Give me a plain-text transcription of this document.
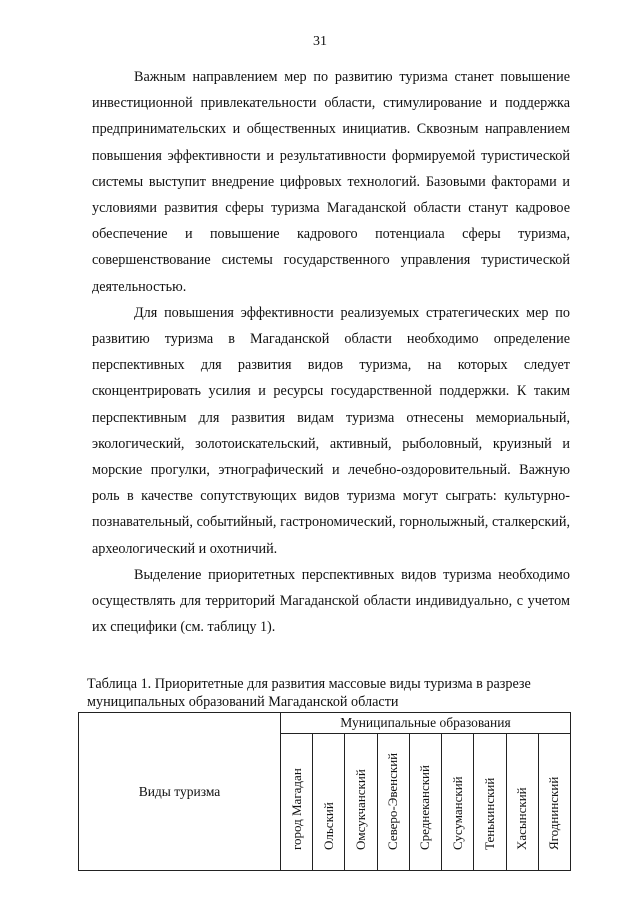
31

Важным направлением мер по развитию туризма станет повышение инвестиционной привлекательности области, стимулирование и поддержка предпринимательских и общественных инициатив. Сквозным направлением повышения эффективности и результативности формируемой туристической системы выступит внедрение цифровых технологий. Базовыми факторами и условиями развития сферы туризма Магаданской области станут кадровое обеспечение и повышение кадрового потенциала сферы туризма, совершенствование системы государственного управления туристической деятельностью.

Для повышения эффективности реализуемых стратегических мер по развитию туризма в Магаданской области необходимо определение перспективных для развития видов туризма, на которых следует сконцентрировать усилия и ресурсы государственной поддержки. К таким перспективным для развития видам туризма отнесены мемориальный, экологический, золотоискательский, активный, рыболовный, круизный и морские прогулки, этнографический и лечебно-оздоровительный. Важную роль в качестве сопутствующих видов туризма могут сыграть: культурно-познавательный, событийный, гастрономический, горнолыжный, сталкерский, археологический и охотничий.

Выделение приоритетных перспективных видов туризма необходимо осуществлять для территорий Магаданской области индивидуально, с учетом их специфики (см. таблицу 1).

Таблица 1. Приоритетные для развития массовые виды туризма в разрезе муниципальных образований Магаданской области

Виды туризма	Муниципальные образования								

	город Магадан	Ольский	Омсукчанский	Северо-Эвенский	Среднеканский	Сусуманский	Тенькинский	Хасынский	Ягоднинский
